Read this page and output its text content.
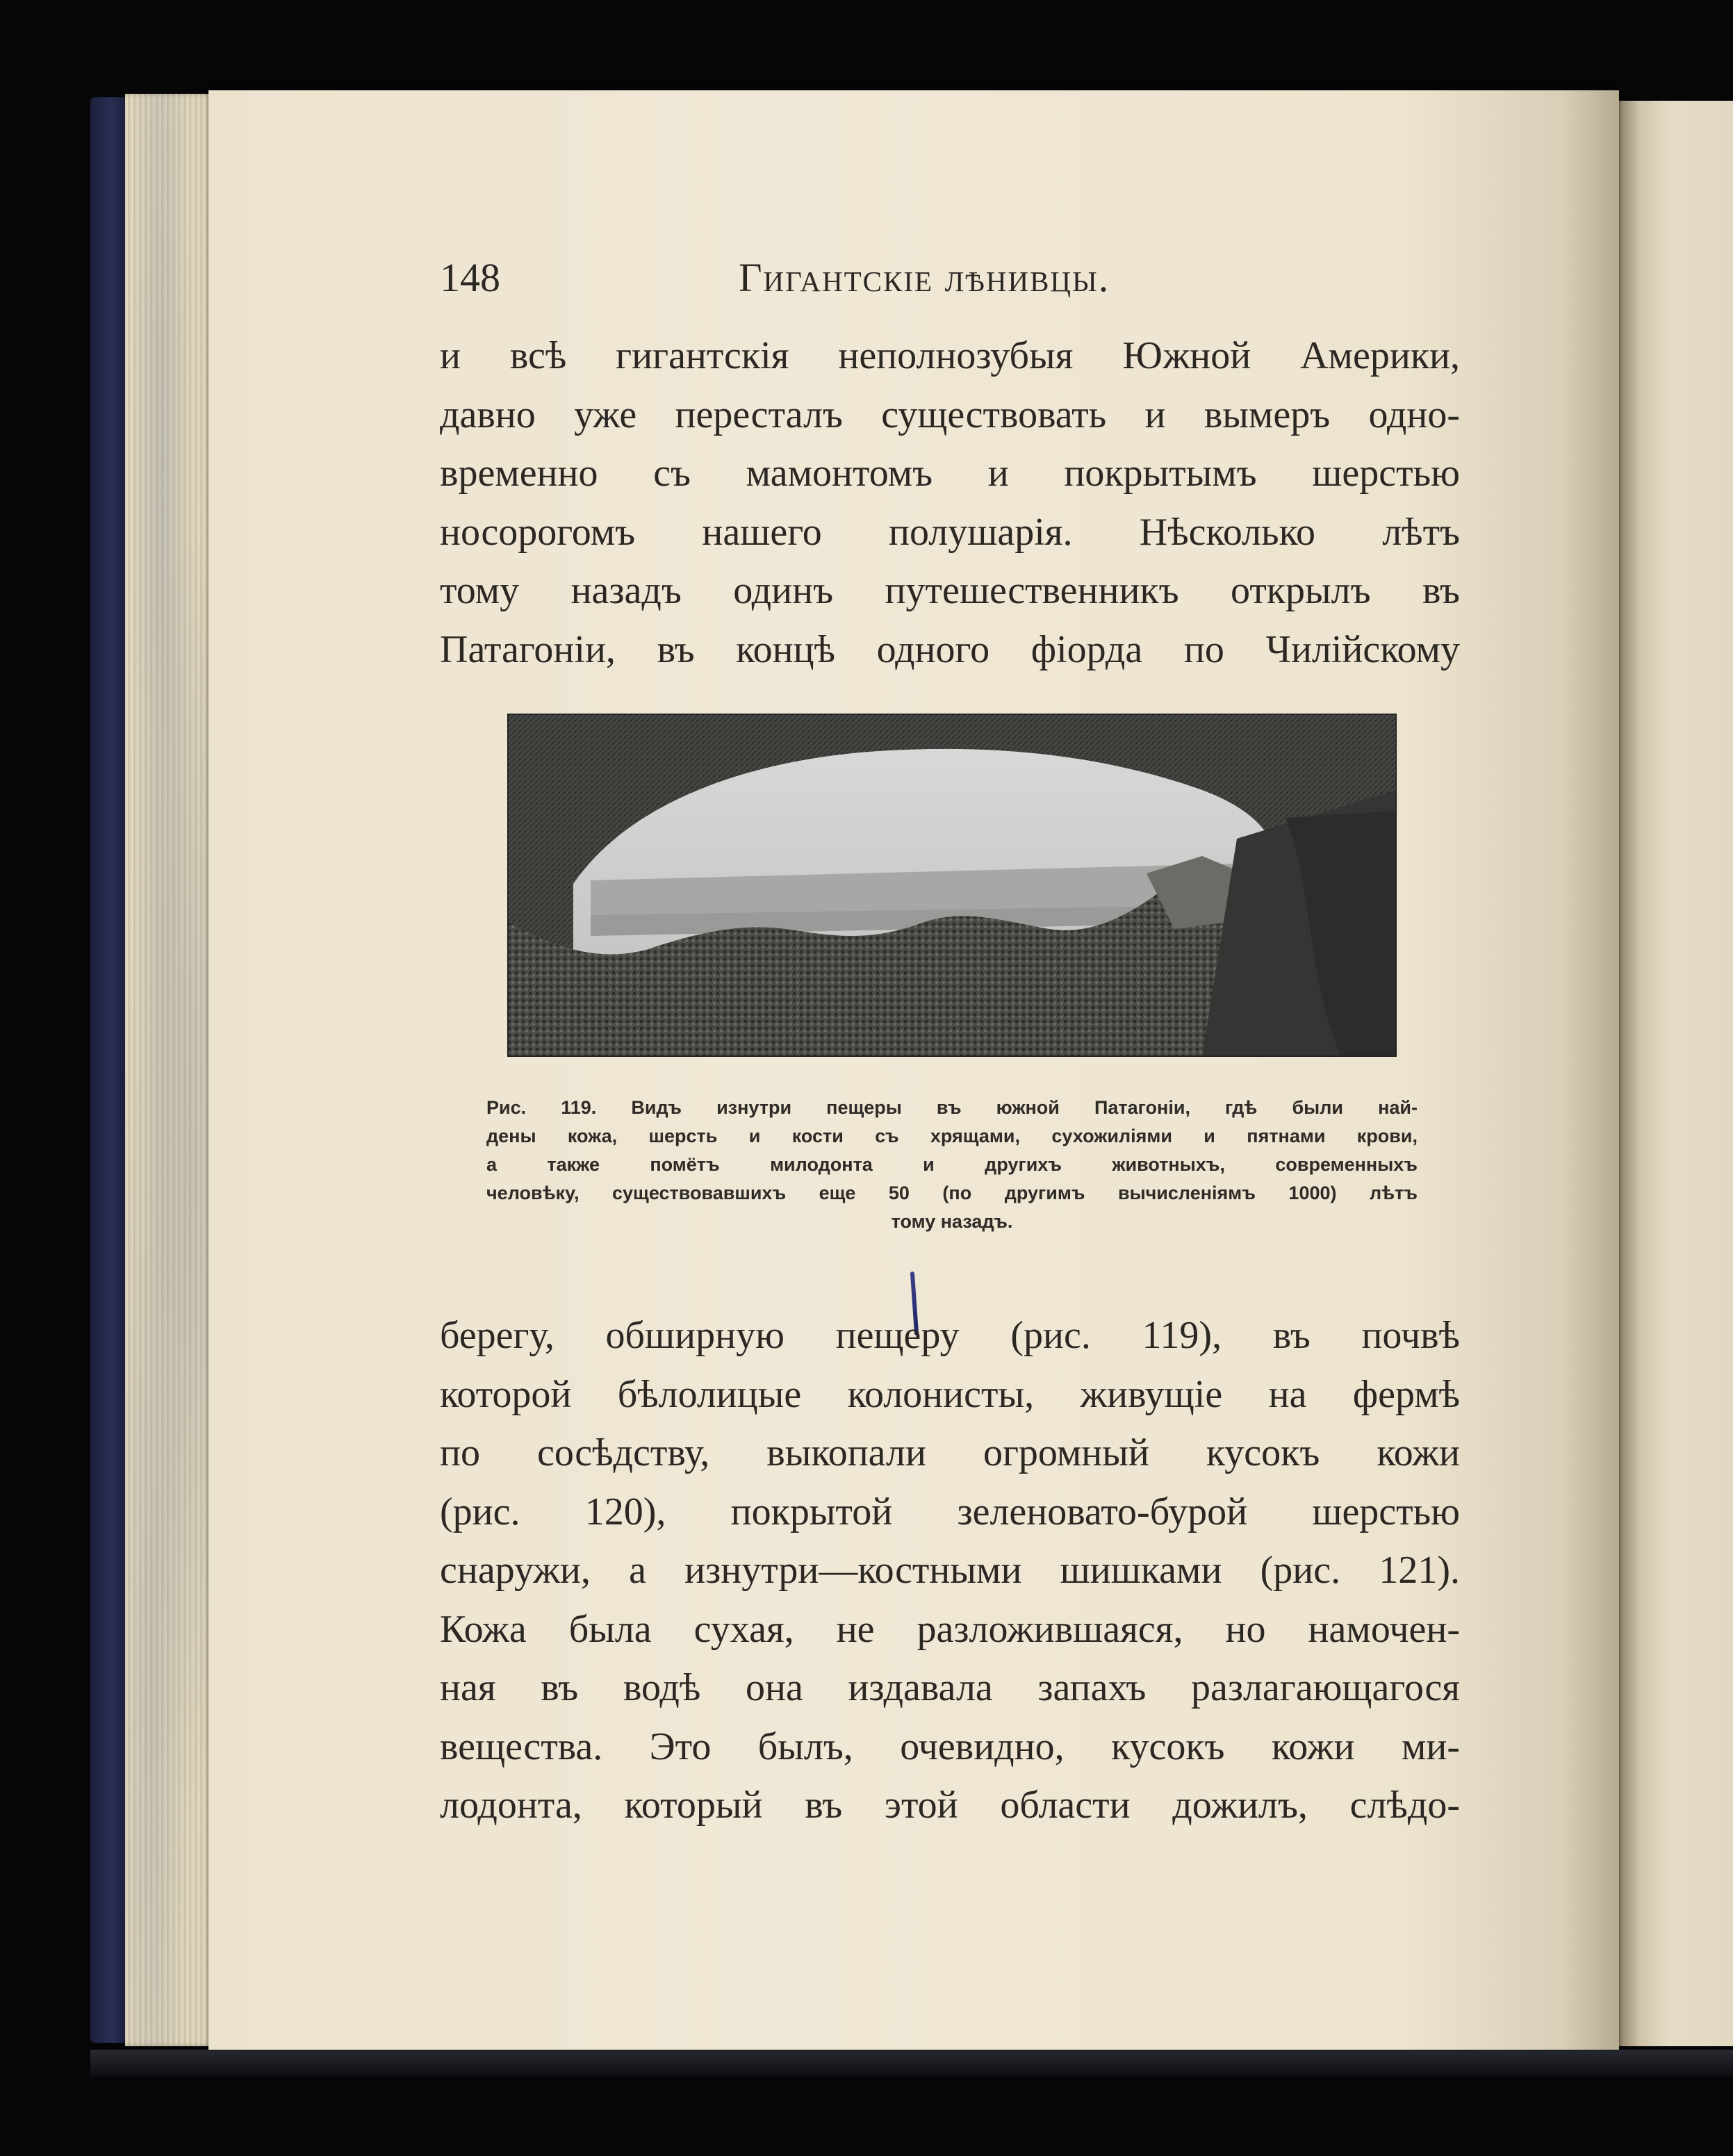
148	Гигантскіе лѣнивцы.
и всѣ гигантскія неполнозубыя Южной Америки,
давно уже пересталъ существовать и вымеръ одно-
временно съ мамонтомъ и покрытымъ шерстью
носорогомъ нашего полушарія. Нѣсколько лѣтъ
тому назадъ одинъ путешественникъ открылъ въ
Патагоніи, въ концѣ одного фіорда по Чилійскому
Рис. 119. Видъ изнутри пещеры въ южной Патагоніи, гдѣ были най-
дены кожа, шерсть и кости съ хрящами, сухожиліями и пятнами крови,
а также помётъ милодонта и другихъ животныхъ, современныхъ
человѣку, существовавшихъ еще 50 (по другимъ вычисленіямъ 1000) лѣтъ
тому назадъ.
берегу, обширную пещеру (рис. 119), въ почвѣ
которой бѣлолицые колонисты, живущіе на фермѣ
по сосѣдству, выкопали огромный кусокъ кожи
(рис. 120), покрытой зеленовато-бурой шерстью
снаружи, а изнутри—костными шишками (рис. 121).
Кожа была сухая, не разложившаяся, но намочен-
ная въ водѣ она издавала запахъ разлагающагося
вещества. Это былъ, очевидно, кусокъ кожи ми-
лодонта, который въ этой области дожилъ, слѣдо-
